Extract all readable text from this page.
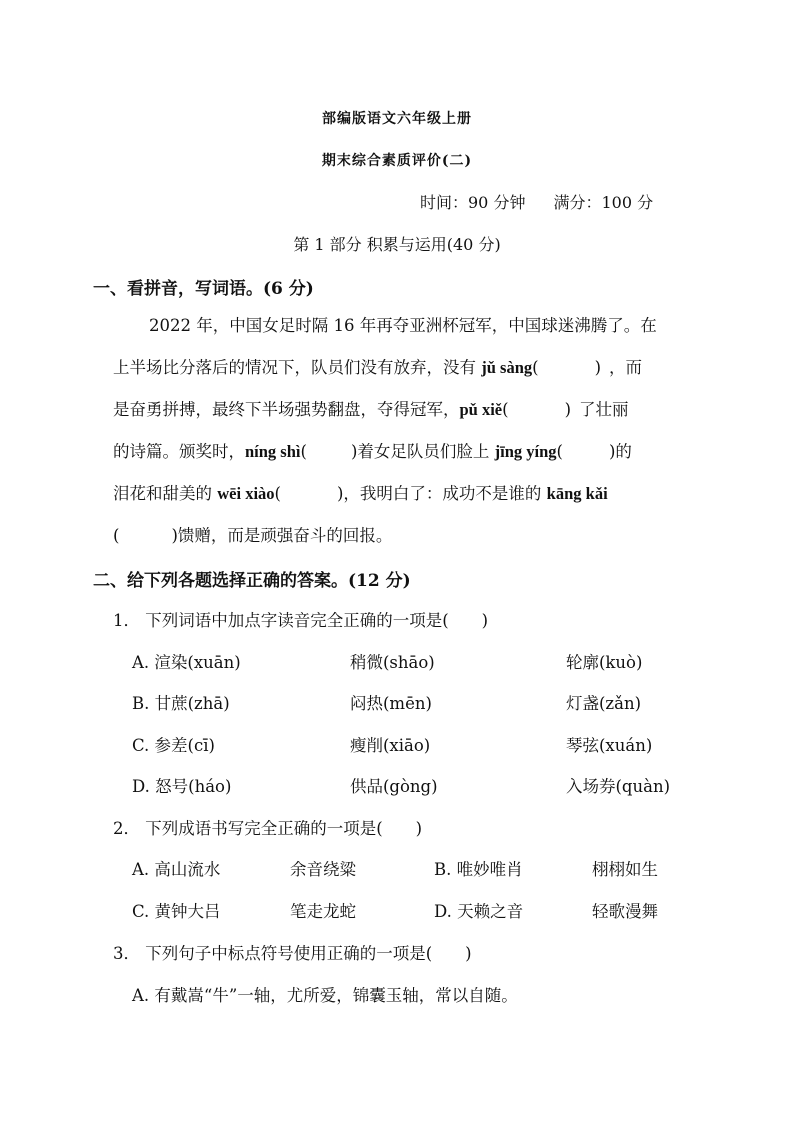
部编版语文六年级上册
期末综合素质评价(二)
时间：90 分钟 满分：100 分
第 1 部分 积累与运用(40 分)
一、看拼音，写词语。(6 分)

2022 年，中国女足时隔 16 年再夺亚洲杯冠军，中国球迷沸腾了。在

上半场比分落后的情况下，队员们没有放弃，没有 jǔ sàng(	) ，而

是奋勇拼搏，最终下半场强势翻盘，夺得冠军，pǔ xiě(	) 了壮丽

的诗篇。颁奖时，níng shì(	)着女足队员们脸上 jīng yíng(	)的

泪花和甜美的 wēi xiào(	)，我明白了：成功不是谁的 kāng kǎi

(	)馈赠，而是顽强奋斗的回报。

二、给下列各题选择正确的答案。(12 分)
1． 下列词语中加点字读音完全正确的一项是(　　)
A. 渲染(xuān)	稍微(shāo)	轮廓(kuò)
B. 甘蔗(zhā)	闷热(mēn)	灯盏(zǎn)
C. 参差(cī)	瘦削(xiāo)	琴弦(xuán)
D. 怒号(háo)	供品(gòng)	入场券(quàn)
2． 下列成语书写完全正确的一项是(　　)
A. 高山流水	余音绕粱	B. 唯妙唯肖	栩栩如生
C. 黄钟大吕	笔走龙蛇	D. 天赖之音	轻歌漫舞
3． 下列句子中标点符号使用正确的一项是(　　)
A. 有戴嵩“牛”一轴，尤所爱，锦囊玉轴，常以自随。
